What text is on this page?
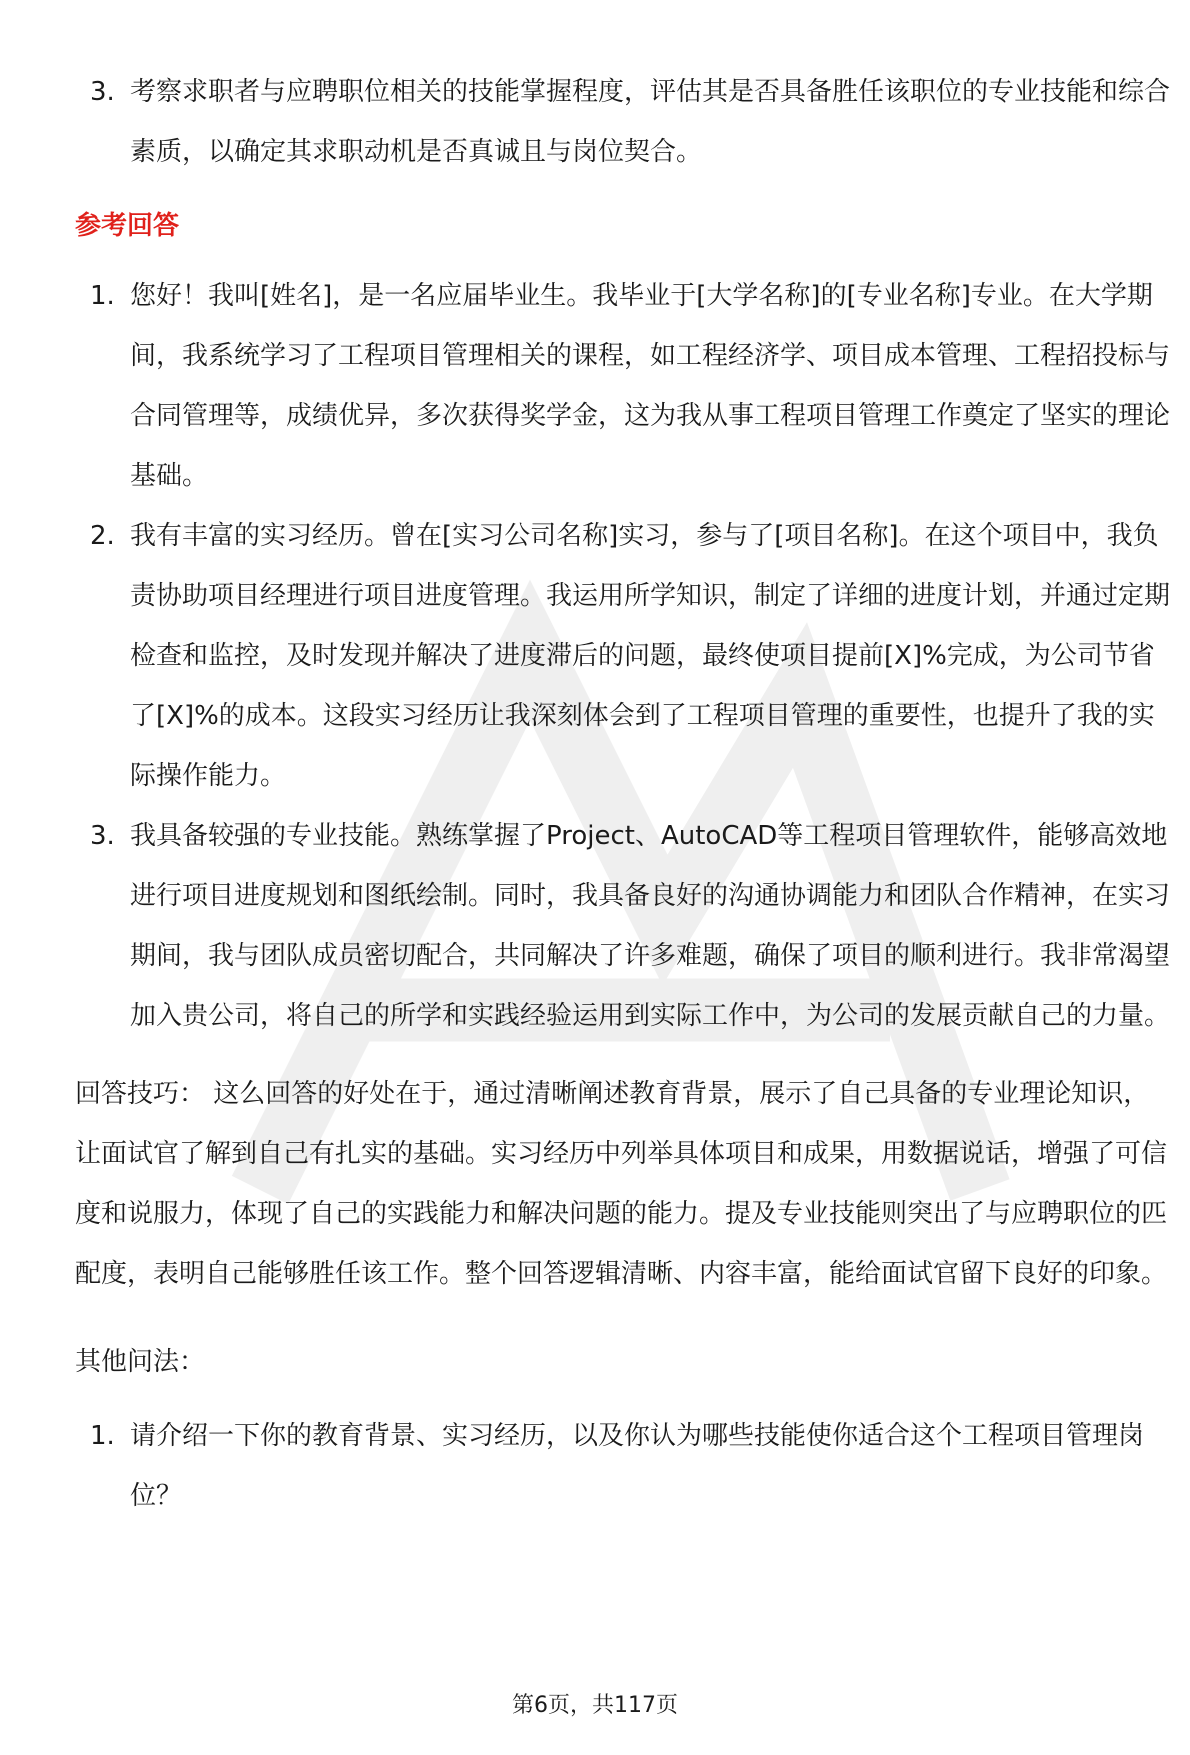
3. 考察求职者与应聘职位相关的技能掌握程度，评估其是否具备胜任该职位的专业技能和综合素质，以确定其求职动机是否真诚且与岗位契合。
参考回答
1. 您好！我叫[姓名]，是一名应届毕业生。我毕业于[大学名称]的[专业名称]专业。在大学期间，我系统学习了工程项目管理相关的课程，如工程经济学、项目成本管理、工程招投标与合同管理等，成绩优异，多次获得奖学金，这为我从事工程项目管理工作奠定了坚实的理论基础。
2. 我有丰富的实习经历。曾在[实习公司名称]实习，参与了[项目名称]。在这个项目中，我负责协助项目经理进行项目进度管理。我运用所学知识，制定了详细的进度计划，并通过定期检查和监控，及时发现并解决了进度滞后的问题，最终使项目提前[X]%完成，为公司节省了[X]%的成本。这段实习经历让我深刻体会到了工程项目管理的重要性，也提升了我的实际操作能力。
3. 我具备较强的专业技能。熟练掌握了Project、AutoCAD等工程项目管理软件，能够高效地进行项目进度规划和图纸绘制。同时，我具备良好的沟通协调能力和团队合作精神，在实习期间，我与团队成员密切配合，共同解决了许多难题，确保了项目的顺利进行。我非常渴望加入贵公司，将自己的所学和实践经验运用到实际工作中，为公司的发展贡献自己的力量。

回答技巧： 这么回答的好处在于，通过清晰阐述教育背景，展示了自己具备的专业理论知识，让面试官了解到自己有扎实的基础。实习经历中列举具体项目和成果，用数据说话，增强了可信度和说服力，体现了自己的实践能力和解决问题的能力。提及专业技能则突出了与应聘职位的匹配度，表明自己能够胜任该工作。整个回答逻辑清晰、内容丰富，能给面试官留下良好的印象。

其他问法：
1. 请介绍一下你的教育背景、实习经历，以及你认为哪些技能使你适合这个工程项目管理岗位？
第6页，共117页
